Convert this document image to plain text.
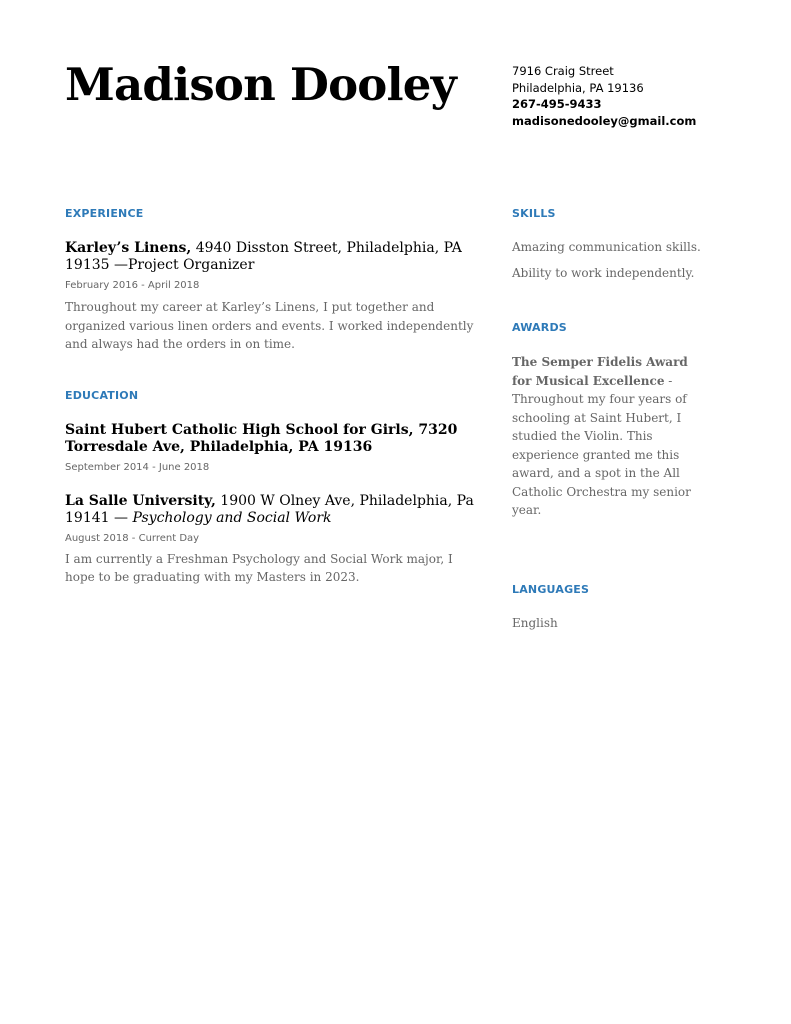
Madison Dooley	7916 Craig Street
Philadelphia, PA 19136
267-495-9433
madisonedooley@gmail.com
EXPERIENCE

Karley’s Linens, 4940 Disston Street, Philadelphia, PA 19135 —Project Organizer

February 2016 - April 2018

Throughout my career at Karley’s Linens, I put together and organized various linen orders and events. I worked independently and always had the orders in on time.

EDUCATION

Saint Hubert Catholic High School for Girls, 7320 Torresdale Ave, Philadelphia, PA 19136

September 2014 - June 2018

La Salle University, 1900 W Olney Ave, Philadelphia, Pa 19141 — Psychology and Social Work

August 2018 - Current Day

I am currently a Freshman Psychology and Social Work major, I hope to be graduating with my Masters in 2023.

SKILLS

Amazing communication skills.

Ability to work independently.

AWARDS

The Semper Fidelis Award for Musical Excellence - Throughout my four years of schooling at Saint Hubert, I studied the Violin. This experience granted me this award, and a spot in the All Catholic Orchestra my senior year.

LANGUAGES

English
